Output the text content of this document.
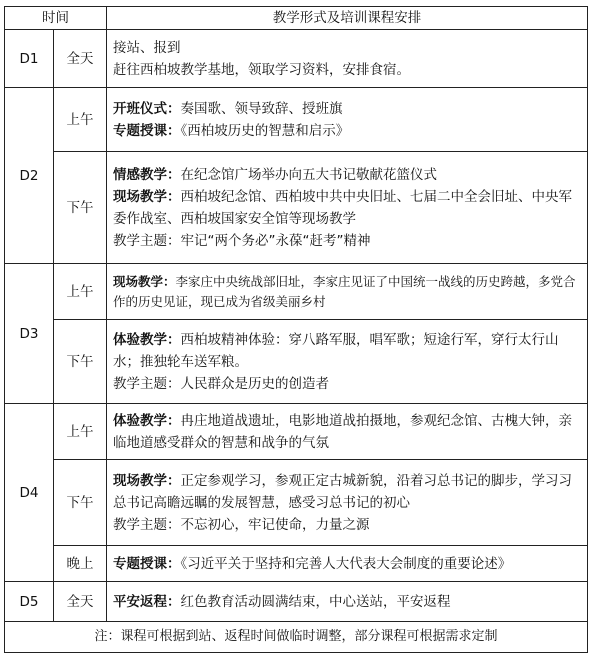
时间		教学形式及培训课程安排
D1	全天	接站、报到

赶往西柏坡教学基地，领取学习资料，安排食宿。

D2	上午	开班仪式：奏国歌、领导致辞、授班旗

专题授课：《西柏坡历史的智慧和启示》

	下午	情感教学：在纪念馆广场举办向五大书记敬献花篮仪式

现场教学：西柏坡纪念馆、西柏坡中共中央旧址、七届二中全会旧址、中央军委作战室、西柏坡国家安全馆等现场教学

教学主题：牢记“两个务必”永葆“赶考”精神

D3	上午	现场教学：李家庄中央统战部旧址，李家庄见证了中国统一战线的历史跨越，多党合作的历史见证，现已成为省级美丽乡村

	下午	体验教学：西柏坡精神体验：穿八路军服，唱军歌；短途行军，穿行太行山水；推独轮车送军粮。

教学主题：人民群众是历史的创造者

D4	上午	体验教学：冉庄地道战遗址，电影地道战拍摄地，参观纪念馆、古槐大钟，亲临地道感受群众的智慧和战争的气氛

	下午	现场教学：正定参观学习，参观正定古城新貌，沿着习总书记的脚步，学习习总书记高瞻远瞩的发展智慧，感受习总书记的初心

教学主题：不忘初心，牢记使命，力量之源

	晚上	专题授课：《习近平关于坚持和完善人大代表大会制度的重要论述》

D5	全天	平安返程：红色教育活动圆满结束，中心送站，平安返程

注：课程可根据到站、返程时间做临时调整，部分课程可根据需求定制		
